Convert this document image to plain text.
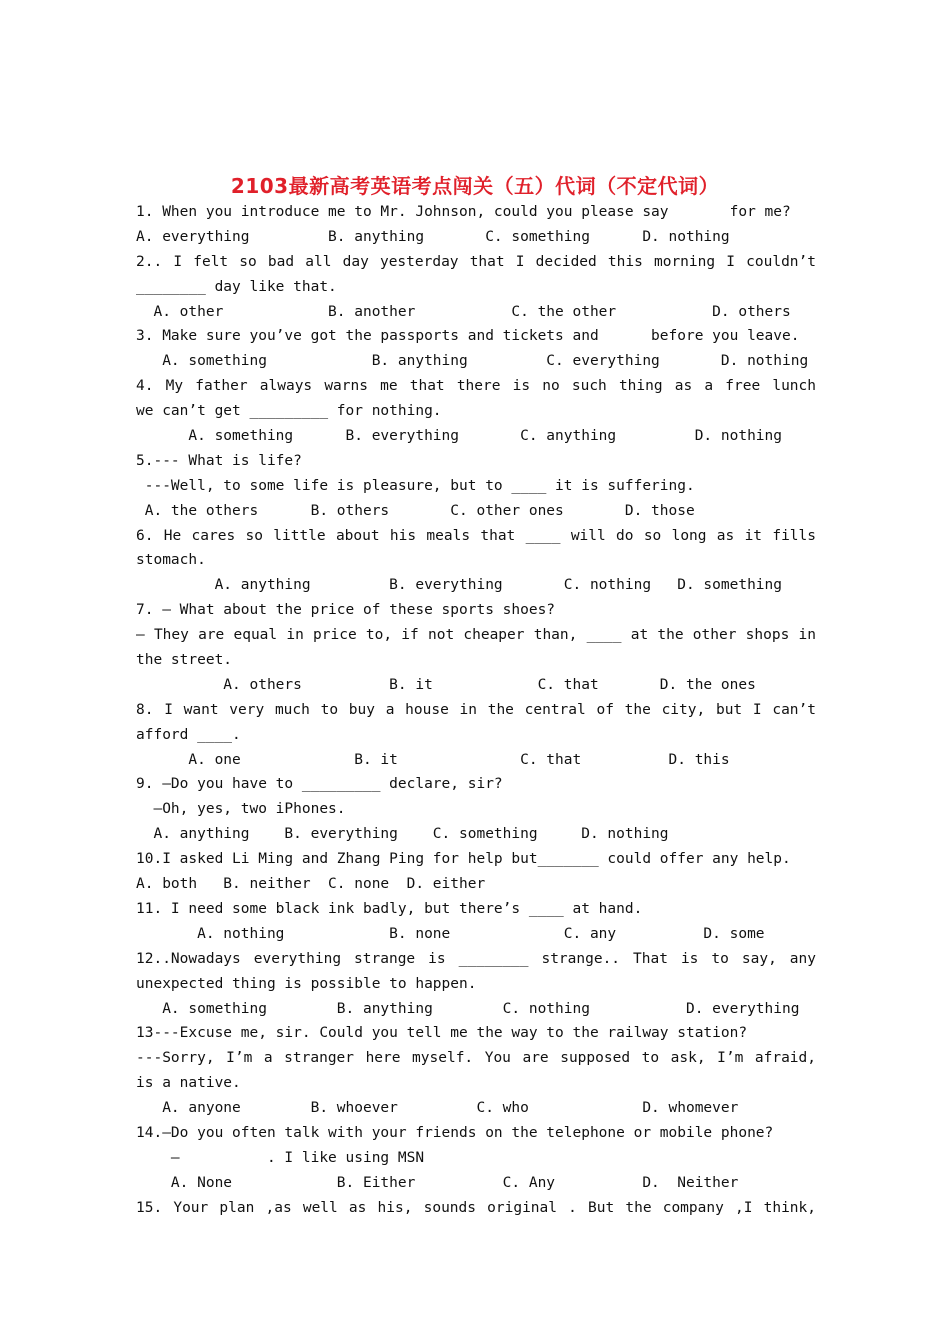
2103最新高考英语考点闯关（五）代词（不定代词）
1. When you introduce me to Mr. Johnson, could you please say       for me?
A. everything         B. anything       C. something      D. nothing
2.. I felt so bad all day yesterday that I decided this morning I couldn’t
________ day like that.
A. other            B. another           C. the other           D. others
3. Make sure you’ve got the passports and tickets and      before you leave.
A. something            B. anything         C. everything       D. nothing
4. My father always warns me that there is no such thing as a free lunch
we can’t get _________ for nothing.
A. something      B. everything       C. anything         D. nothing
5.--- What is life?
---Well, to some life is pleasure, but to ____ it is suffering.
A. the others      B. others       C. other ones       D. those
6. He cares so little about his meals that ____ will do so long as it fills
stomach.
A. anything         B. everything       C. nothing   D. something
7. — What about the price of these sports shoes?
— They are equal in price to, if not cheaper than, ____ at the other shops in
the street.
A. others          B. it            C. that       D. the ones
8. I want very much to buy a house in the central of the city, but I can’t
afford ____.
A. one             B. it              C. that          D. this
9. —Do you have to _________ declare, sir?
—Oh, yes, two iPhones.
A. anything    B. everything    C. something     D. nothing
10.I asked Li Ming and Zhang Ping for help but_______ could offer any help.
A. both   B. neither  C. none  D. either
11. I need some black ink badly, but there’s ____ at hand.
A. nothing            B. none             C. any          D. some
12..Nowadays everything strange is ________ strange.. That is to say, any
unexpected thing is possible to happen.
A. something        B. anything        C. nothing           D. everything
13---Excuse me, sir. Could you tell me the way to the railway station?
---Sorry, I’m a stranger here myself. You are supposed to ask, I’m afraid,
is a native.
A. anyone        B. whoever         C. who             D. whomever
14.—Do you often talk with your friends on the telephone or mobile phone?
—          . I like using MSN
A. None            B. Either          C. Any          D.  Neither
15. Your plan ,as well as his, sounds original . But the company ,I think,
